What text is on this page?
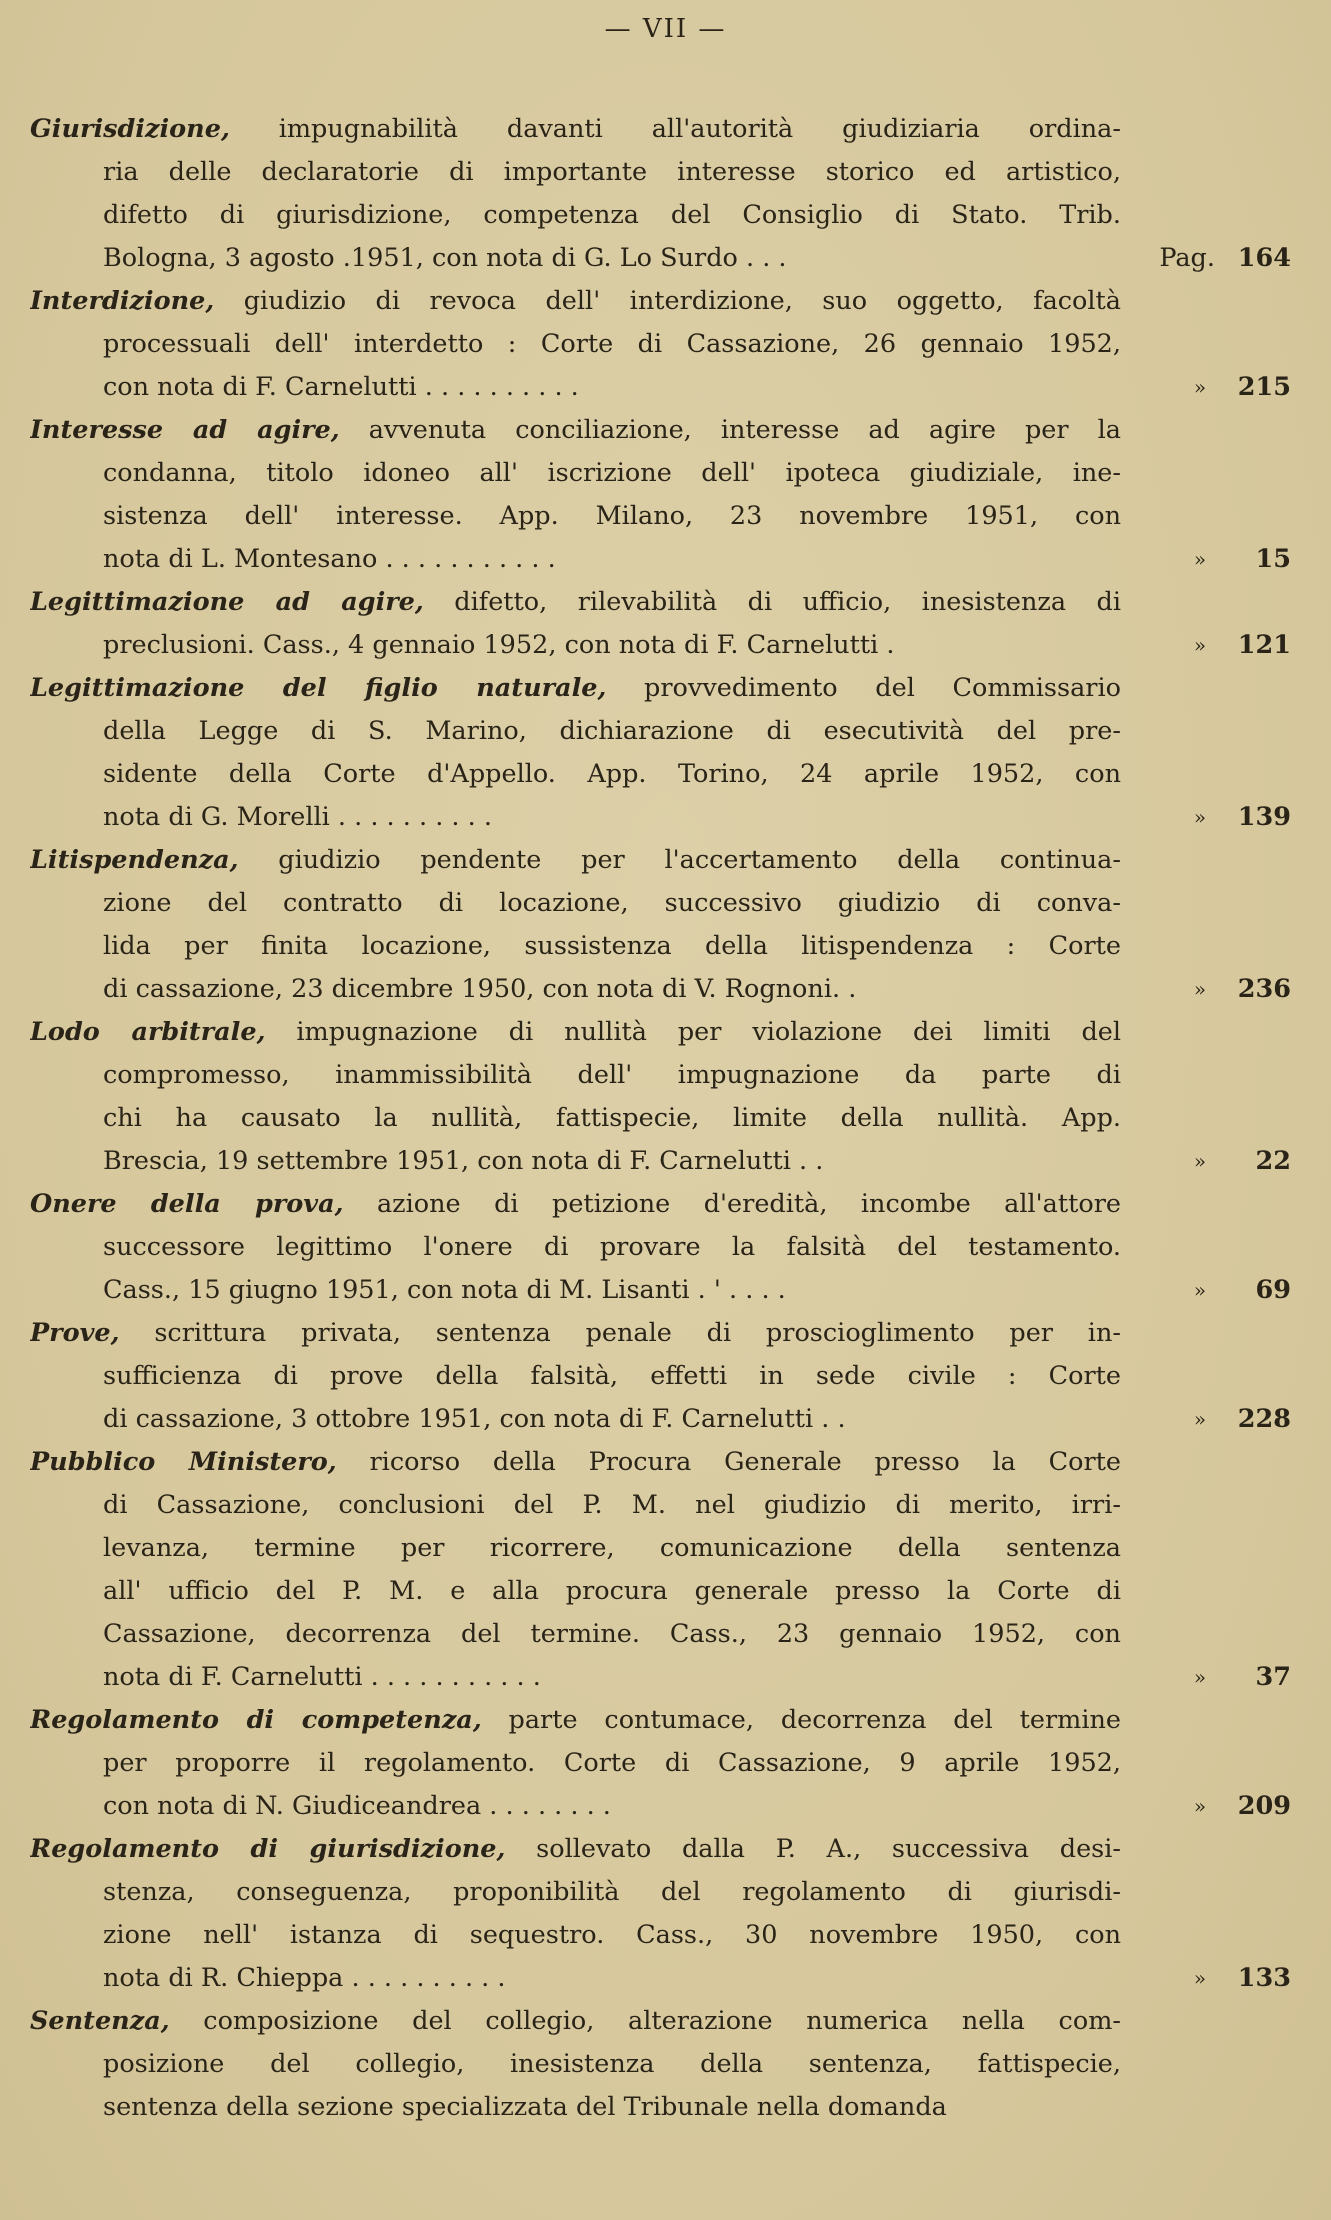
— VII —
Giurisdizione, impugnabilità davanti all'autorità giudiziaria ordina-
ria delle declaratorie di importante interesse storico ed artistico,
difetto di giurisdizione, competenza del Consiglio di Stato. Trib.
Bologna, 3 agosto .1951, con nota di G. Lo Surdo . . .	Pag. 164
Interdizione, giudizio di revoca dell' interdizione, suo oggetto, facoltà
processuali dell' interdetto : Corte di Cassazione, 26 gennaio 1952,
con nota di F. Carnelutti . . . . . . . . . .	»	215
Interesse ad agire, avvenuta conciliazione, interesse ad agire per la
condanna, titolo idoneo all' iscrizione dell' ipoteca giudiziale, ine-
sistenza dell' interesse. App. Milano, 23 novembre 1951, con
nota di L. Montesano . . . . . . . . . . .	»	15
Legittimazione ad agire, difetto, rilevabilità di ufficio, inesistenza di
preclusioni. Cass., 4 gennaio 1952, con nota di F. Carnelutti .	»	121
Legittimazione del figlio naturale, provvedimento del Commissario
della Legge di S. Marino, dichiarazione di esecutività del pre-
sidente della Corte d'Appello. App. Torino, 24 aprile 1952, con
nota di G. Morelli . . . . . . . . . .	»	139
Litispendenza, giudizio pendente per l'accertamento della continua-
zione del contratto di locazione, successivo giudizio di conva-
lida per finita locazione, sussistenza della litispendenza : Corte
di cassazione, 23 dicembre 1950, con nota di V. Rognoni. .	»	236
Lodo arbitrale, impugnazione di nullità per violazione dei limiti del
compromesso, inammissibilità dell' impugnazione da parte di
chi ha causato la nullità, fattispecie, limite della nullità. App.
Brescia, 19 settembre 1951, con nota di F. Carnelutti . .	»	22
Onere della prova, azione di petizione d'eredità, incombe all'attore
successore legittimo l'onere di provare la falsità del testamento.
Cass., 15 giugno 1951, con nota di M. Lisanti . ' . . . .	»	69
Prove, scrittura privata, sentenza penale di proscioglimento per in-
sufficienza di prove della falsità, effetti in sede civile : Corte
di cassazione, 3 ottobre 1951, con nota di F. Carnelutti . .	»	228
Pubblico Ministero, ricorso della Procura Generale presso la Corte
di Cassazione, conclusioni del P. M. nel giudizio di merito, irri-
levanza, termine per ricorrere, comunicazione della sentenza
all' ufficio del P. M. e alla procura generale presso la Corte di
Cassazione, decorrenza del termine. Cass., 23 gennaio 1952, con
nota di F. Carnelutti . . . . . . . . . . .	»	37
Regolamento di competenza, parte contumace, decorrenza del termine
per proporre il regolamento. Corte di Cassazione, 9 aprile 1952,
con nota di N. Giudiceandrea . . . . . . . .	»	209
Regolamento di giurisdizione, sollevato dalla P. A., successiva desi-
stenza, conseguenza, proponibilità del regolamento di giurisdi-
zione nell' istanza di sequestro. Cass., 30 novembre 1950, con
nota di R. Chieppa . . . . . . . . . .	»	133
Sentenza, composizione del collegio, alterazione numerica nella com-
posizione del collegio, inesistenza della sentenza, fattispecie,
sentenza della sezione specializzata del Tribunale nella domanda
